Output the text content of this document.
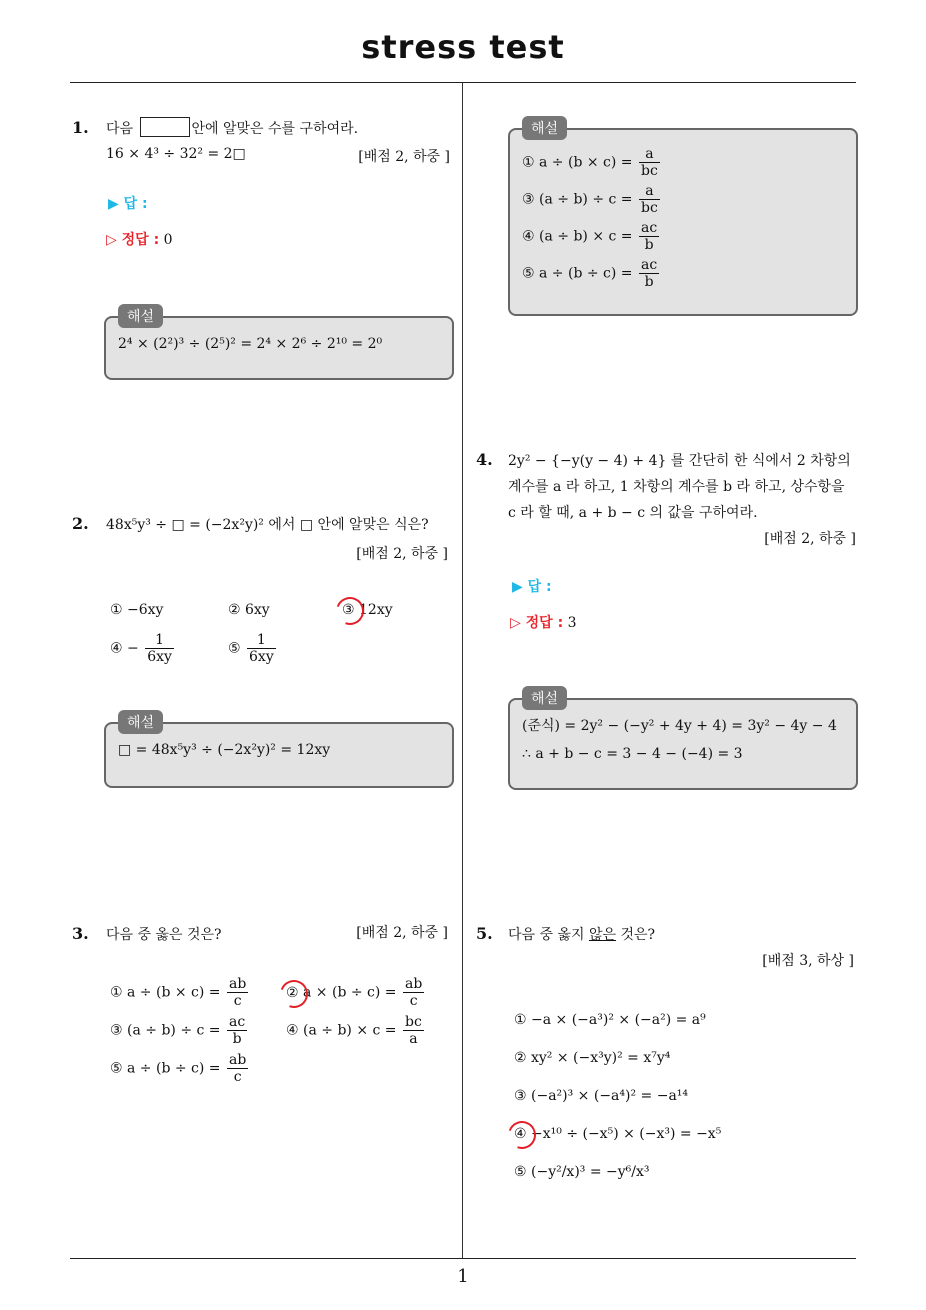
stress test
1
1. 다음	안에 알맞은 수를 구하여라.
16 × 4³ ÷ 32² = 2□	[배점 2, 하중 ]
▶ 답 :
▷ 정답 : 0
2⁴ × (2²)³ ÷ (2⁵)² = 2⁴ × 2⁶ ÷ 2¹⁰ = 2⁰
해설
2. 48x⁵y³ ÷ □ = (−2x²y)² 에서 □ 안에 알맞은 식은?
[배점 2, 하중 ]
① −6xy	② 6xy	③ 12xy
④ − $\frac{1}{6xy}$	⑤ $\frac{1}{6xy}$
□ = 48x⁵y³ ÷ (−2x²y)² = 12xy
해설
3. 다음 중 옳은 것은?	[배점 2, 하중 ]
① $a \div (b \times c) = \frac{ab}{c}$	② $a \times (b \div c) = \frac{ab}{c}$
③ $(a \div b) \div c = \frac{ac}{b}$	④ $(a \div b) \times c = \frac{bc}{a}$
⑤ $a \div (b \div c) = \frac{ab}{c}$
① $a \div (b \times c) = \frac{a}{bc}$
③ $(a \div b) \div c = \frac{a}{bc}$
④ $(a \div b) \times c = \frac{ac}{b}$
⑤ $a \div (b \div c) = \frac{ac}{b}$
해설
4. 2y² − {−y(y − 4) + 4} 를 간단히 한 식에서 2 차항의
계수를 a 라 하고, 1 차항의 계수를 b 라 하고, 상수항을
c 라 할 때, a + b − c 의 값을 구하여라.
[배점 2, 하중 ]
▶ 답 :
▷ 정답 : 3
(준식) = 2y² − (−y² + 4y + 4) = 3y² − 4y − 4
∴ a + b − c = 3 − 4 − (−4) = 3
해설
5. 다음 중 옳지 않은 것은?
[배점 3, 하상 ]
① −a × (−a³)² × (−a²) = a⁹
② xy² × (−x³y)² = x⁷y⁴
③ (−a²)³ × (−a⁴)² = −a¹⁴
④ −x¹⁰ ÷ (−x⁵) × (−x³) = −x⁵
⑤ (−y²/x)³ = −y⁶/x³
